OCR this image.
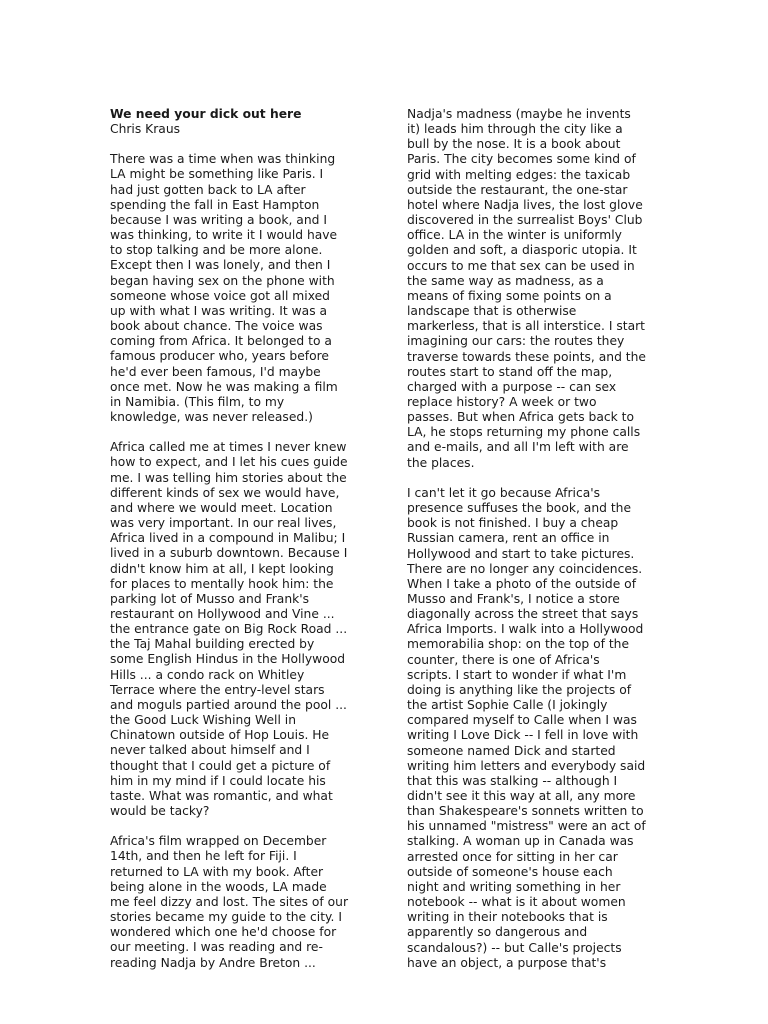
We need your dick out here
Chris Kraus
There was a time when was thinking
LA might be something like Paris. I
had just gotten back to LA after
spending the fall in East Hampton
because I was writing a book, and I
was thinking, to write it I would have
to stop talking and be more alone.
Except then I was lonely, and then I
began having sex on the phone with
someone whose voice got all mixed
up with what I was writing. It was a
book about chance. The voice was
coming from Africa. It belonged to a
famous producer who, years before
he'd ever been famous, I'd maybe
once met. Now he was making a film
in Namibia. (This film, to my
knowledge, was never released.)
Africa called me at times I never knew
how to expect, and I let his cues guide
me. I was telling him stories about the
different kinds of sex we would have,
and where we would meet. Location
was very important. In our real lives,
Africa lived in a compound in Malibu; I
lived in a suburb downtown. Because I
didn't know him at all, I kept looking
for places to mentally hook him: the
parking lot of Musso and Frank's
restaurant on Hollywood and Vine ...
the entrance gate on Big Rock Road ...
the Taj Mahal building erected by
some English Hindus in the Hollywood
Hills ... a condo rack on Whitley
Terrace where the entry-level stars
and moguls partied around the pool ...
the Good Luck Wishing Well in
Chinatown outside of Hop Louis. He
never talked about himself and I
thought that I could get a picture of
him in my mind if I could locate his
taste. What was romantic, and what
would be tacky?
Africa's film wrapped on December
14th, and then he left for Fiji. I
returned to LA with my book. After
being alone in the woods, LA made
me feel dizzy and lost. The sites of our
stories became my guide to the city. I
wondered which one he'd choose for
our meeting. I was reading and re-
reading Nadja by Andre Breton ...
Nadja's madness (maybe he invents
it) leads him through the city like a
bull by the nose. It is a book about
Paris. The city becomes some kind of
grid with melting edges: the taxicab
outside the restaurant, the one-star
hotel where Nadja lives, the lost glove
discovered in the surrealist Boys' Club
office. LA in the winter is uniformly
golden and soft, a diasporic utopia. It
occurs to me that sex can be used in
the same way as madness, as a
means of fixing some points on a
landscape that is otherwise
markerless, that is all interstice. I start
imagining our cars: the routes they
traverse towards these points, and the
routes start to stand off the map,
charged with a purpose -- can sex
replace history? A week or two
passes. But when Africa gets back to
LA, he stops returning my phone calls
and e-mails, and all I'm left with are
the places.
I can't let it go because Africa's
presence suffuses the book, and the
book is not finished. I buy a cheap
Russian camera, rent an office in
Hollywood and start to take pictures.
There are no longer any coincidences.
When I take a photo of the outside of
Musso and Frank's, I notice a store
diagonally across the street that says
Africa Imports. I walk into a Hollywood
memorabilia shop: on the top of the
counter, there is one of Africa's
scripts. I start to wonder if what I'm
doing is anything like the projects of
the artist Sophie Calle (I jokingly
compared myself to Calle when I was
writing I Love Dick -- I fell in love with
someone named Dick and started
writing him letters and everybody said
that this was stalking -- although I
didn't see it this way at all, any more
than Shakespeare's sonnets written to
his unnamed "mistress" were an act of
stalking. A woman up in Canada was
arrested once for sitting in her car
outside of someone's house each
night and writing something in her
notebook -- what is it about women
writing in their notebooks that is
apparently so dangerous and
scandalous?) -- but Calle's projects
have an object, a purpose that's
